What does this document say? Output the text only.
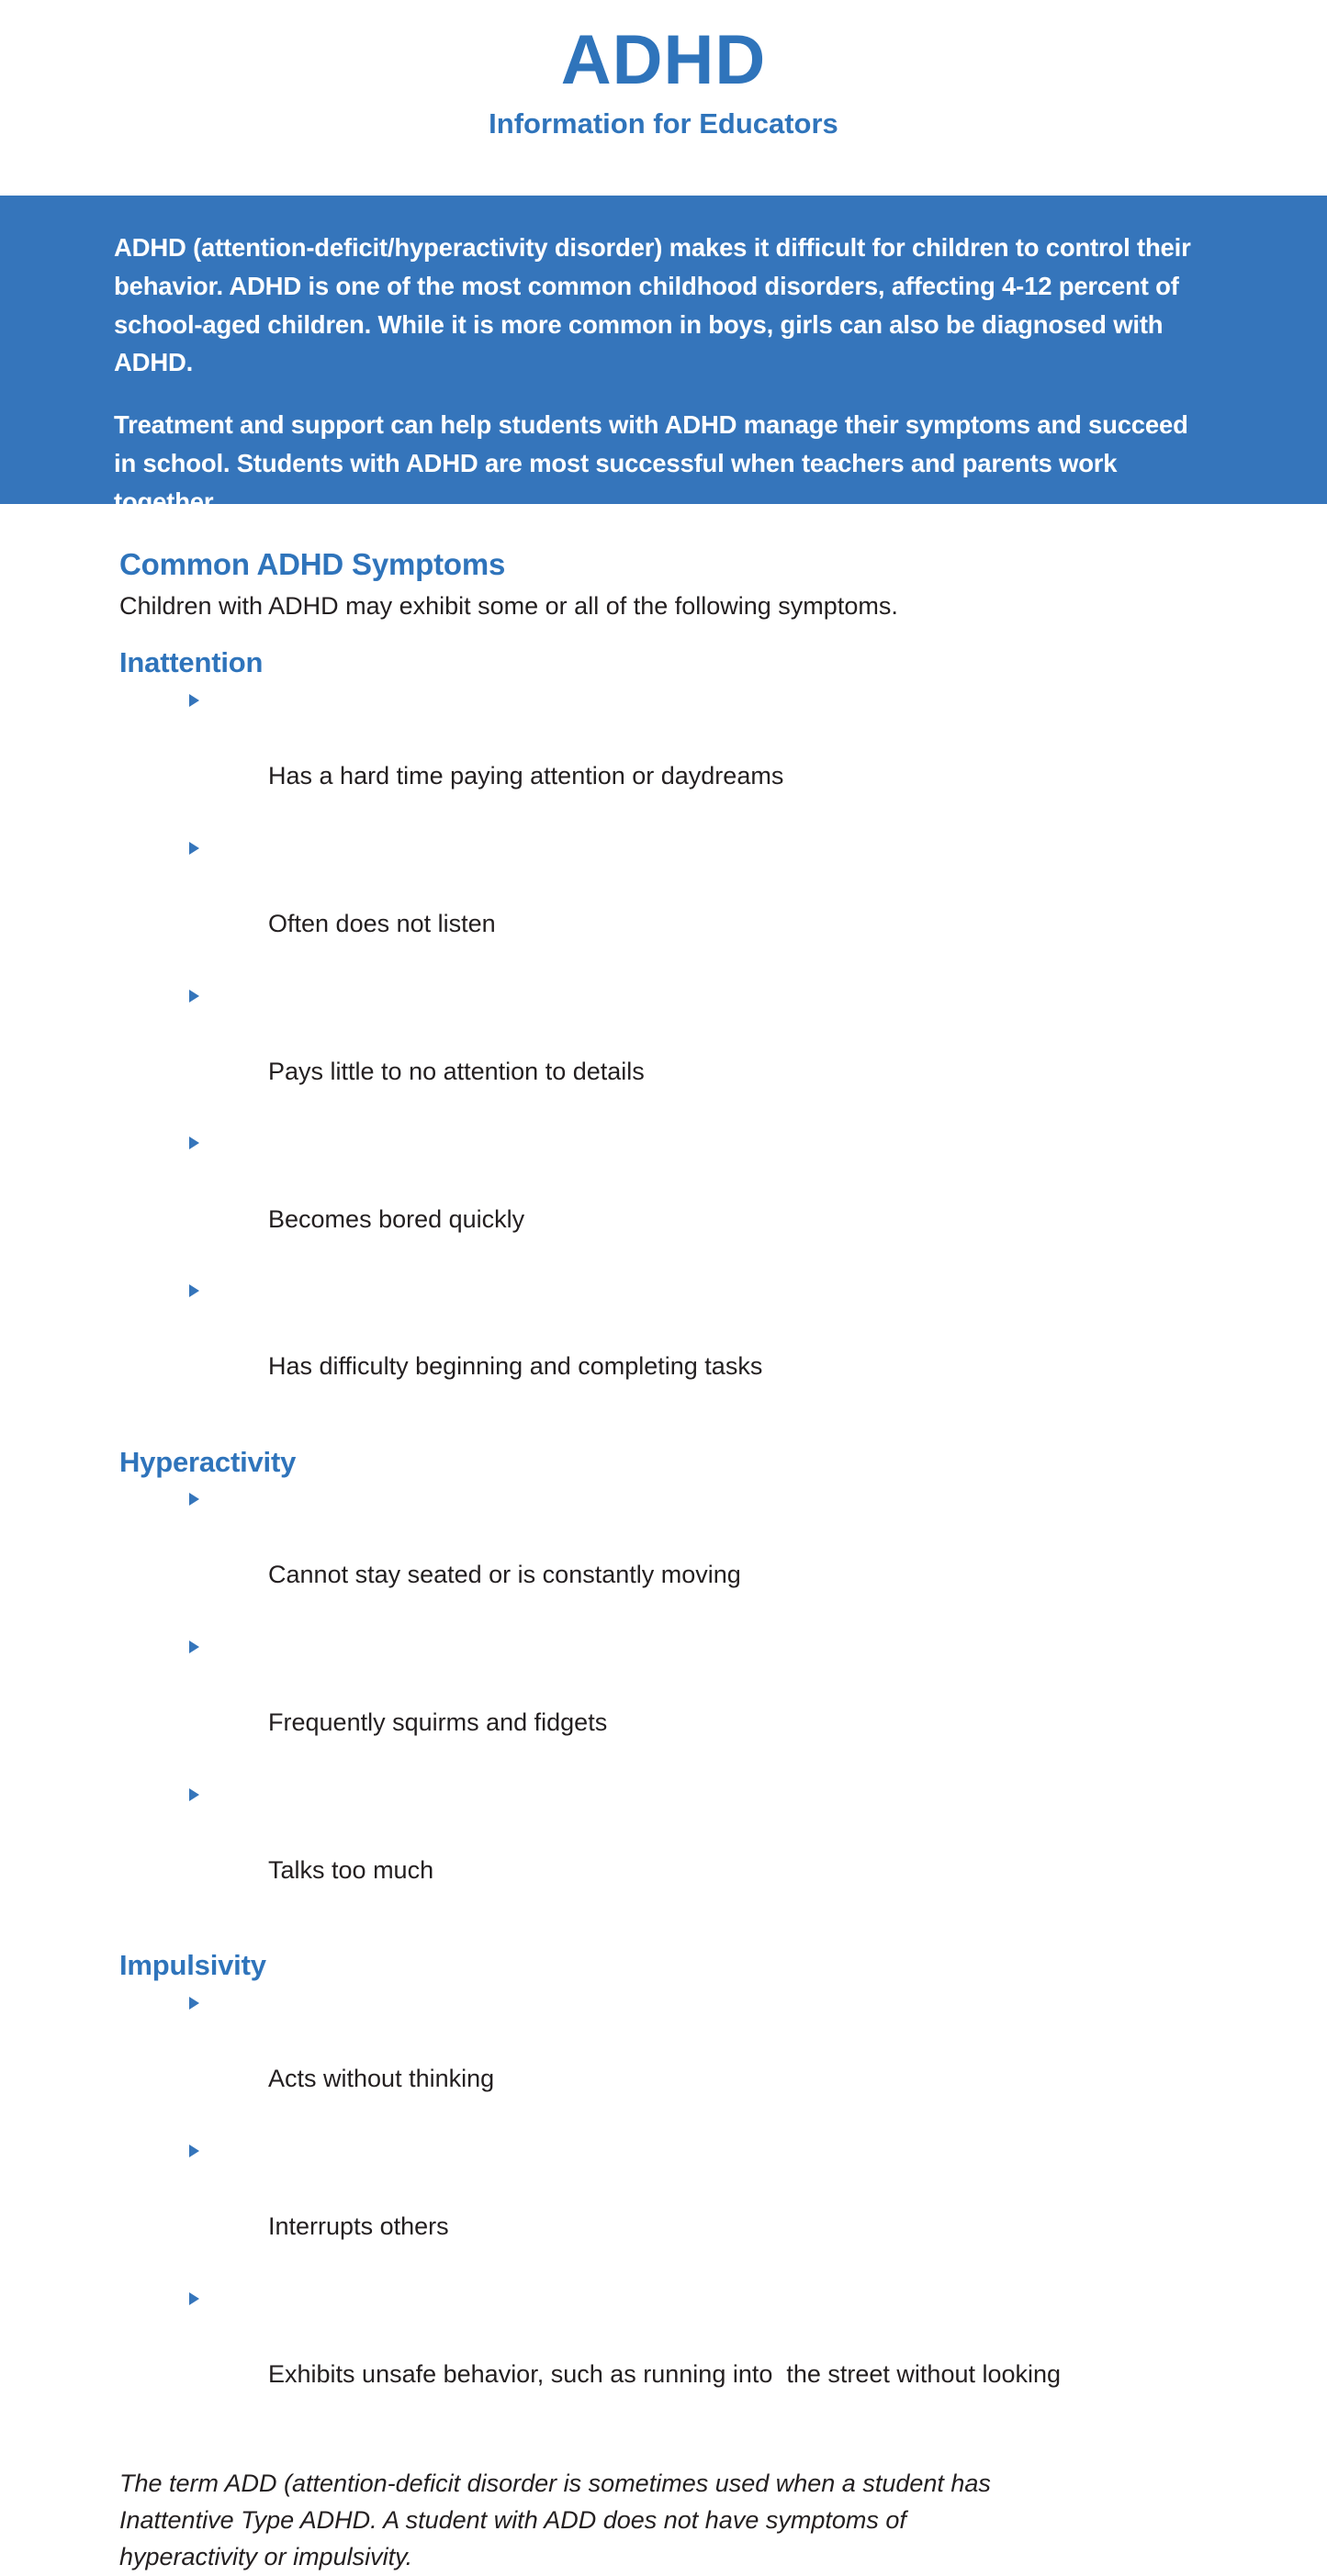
ADHD
Information for Educators

ADHD (attention-deficit/hyperactivity disorder) makes it difficult for children to control their behavior. ADHD is one of the most common childhood disorders, affecting 4-12 percent of school-aged children. While it is more common in boys, girls can also be diagnosed with ADHD.

Treatment and support can help students with ADHD manage their symptoms and succeed in school. Students with ADHD are most successful when teachers and parents work together.

Common ADHD Symptoms

Children with ADHD may exhibit some or all of the following symptoms.

Inattention

Has a hard time paying attention or daydreams

Often does not listen

Pays little to no attention to details

Becomes bored quickly

Has difficulty beginning and completing tasks

Hyperactivity

Cannot stay seated or is constantly moving

Frequently squirms and fidgets

Talks too much

Impulsivity

Acts without thinking

Interrupts others

Exhibits unsafe behavior, such as running into  the street without looking

The term ADD (attention-deficit disorder is sometimes used when a student has Inattentive Type ADHD. A student with ADD does not have symptoms of hyperactivity or impulsivity.
